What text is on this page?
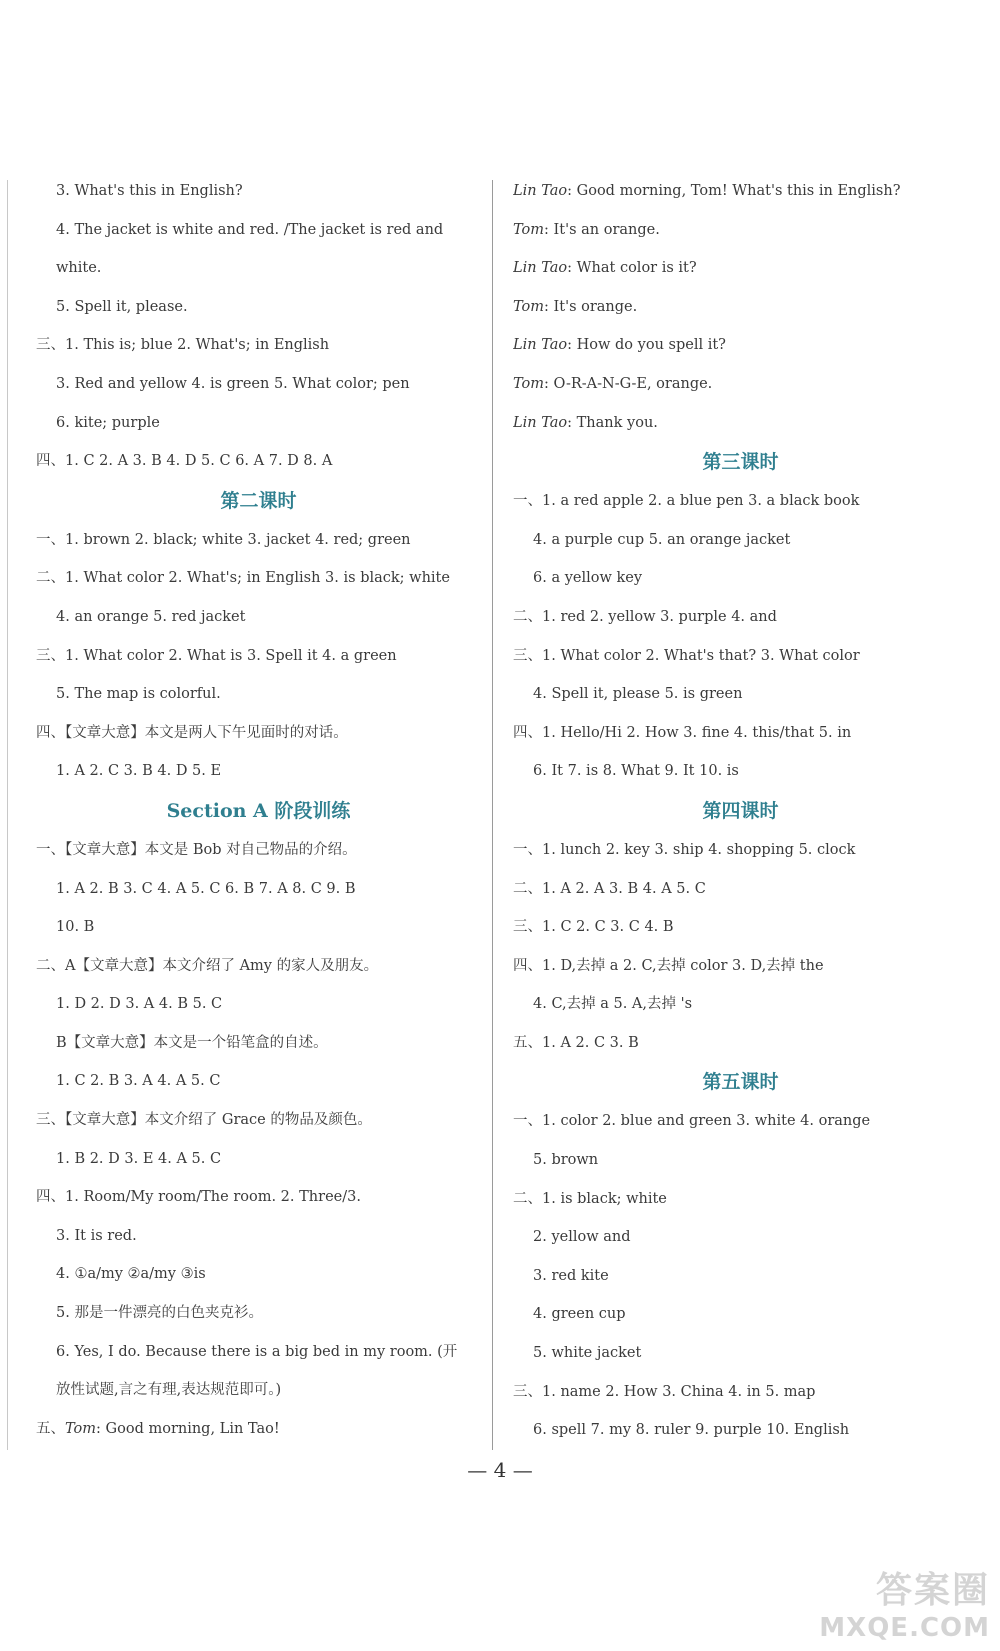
3. What's this in English?
4. The jacket is white and red. /The jacket is red and
white.
5. Spell it, please.
三、1. This is; blue 2. What's; in English
3. Red and yellow 4. is green 5. What color; pen
6. kite; purple
四、1. C 2. A 3. B 4. D 5. C 6. A 7. D 8. A
第二课时
一、1. brown 2. black; white 3. jacket 4. red; green
二、1. What color 2. What's; in English 3. is black; white
4. an orange 5. red jacket
三、1. What color 2. What is 3. Spell it 4. a green
5. The map is colorful.
四、【文章大意】本文是两人下午见面时的对话。
1. A 2. C 3. B 4. D 5. E
Section A 阶段训练
一、【文章大意】本文是 Bob 对自己物品的介绍。
1. A 2. B 3. C 4. A 5. C 6. B 7. A 8. C 9. B
10. B
二、A【文章大意】本文介绍了 Amy 的家人及朋友。
1. D 2. D 3. A 4. B 5. C
B【文章大意】本文是一个铅笔盒的自述。
1. C 2. B 3. A 4. A 5. C
三、【文章大意】本文介绍了 Grace 的物品及颜色。
1. B 2. D 3. E 4. A 5. C
四、1. Room/My room/The room. 2. Three/3.
3. It is red.
4. ①a/my ②a/my ③is
5. 那是一件漂亮的白色夹克衫。
6. Yes, I do. Because there is a big bed in my room. (开
放性试题,言之有理,表达规范即可。)
五、Tom: Good morning, Lin Tao!
Lin Tao: Good morning, Tom! What's this in English?
Tom: It's an orange.
Lin Tao: What color is it?
Tom: It's orange.
Lin Tao: How do you spell it?
Tom: O-R-A-N-G-E, orange.
Lin Tao: Thank you.
第三课时
一、1. a red apple 2. a blue pen 3. a black book
4. a purple cup 5. an orange jacket
6. a yellow key
二、1. red 2. yellow 3. purple 4. and
三、1. What color 2. What's that? 3. What color
4. Spell it, please 5. is green
四、1. Hello/Hi 2. How 3. fine 4. this/that 5. in
6. It 7. is 8. What 9. It 10. is
第四课时
一、1. lunch 2. key 3. ship 4. shopping 5. clock
二、1. A 2. A 3. B 4. A 5. C
三、1. C 2. C 3. C 4. B
四、1. D,去掉 a 2. C,去掉 color 3. D,去掉 the
4. C,去掉 a 5. A,去掉 's
五、1. A 2. C 3. B
第五课时
一、1. color 2. blue and green 3. white 4. orange
5. brown
二、1. is black; white
2. yellow and
3. red kite
4. green cup
5. white jacket
三、1. name 2. How 3. China 4. in 5. map
6. spell 7. my 8. ruler 9. purple 10. English
— 4 —
答案圈
MXQE.COM
